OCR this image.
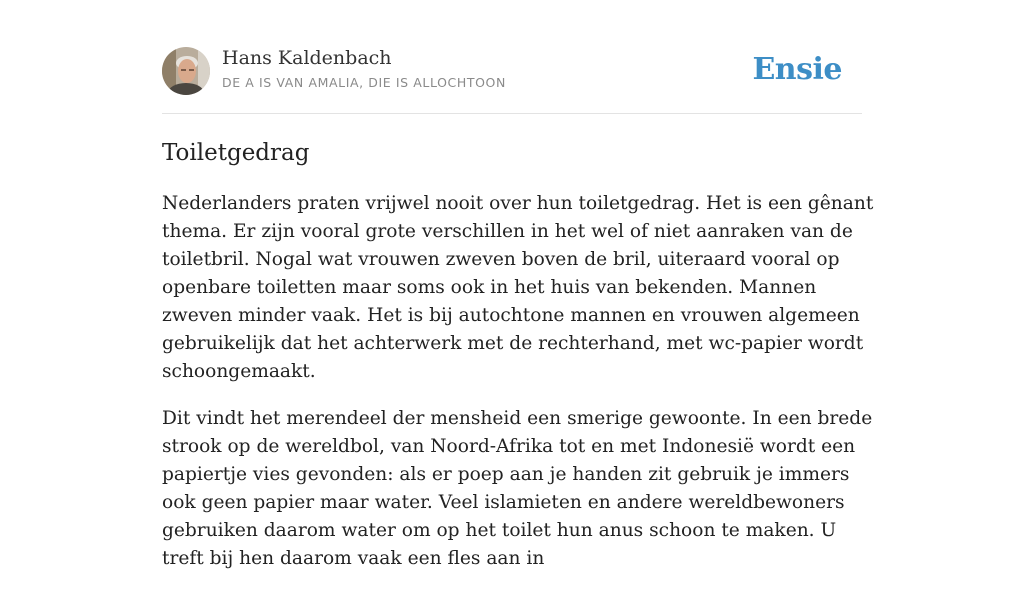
Hans Kaldenbach
DE A IS VAN AMALIA, DIE IS ALLOCHTOON	Ensie
Toiletgedrag

Nederlanders praten vrijwel nooit over hun toiletgedrag. Het is een gênant thema. Er zijn vooral grote verschillen in het wel of niet aanraken van de toiletbril. Nogal wat vrouwen zweven boven de bril, uiteraard vooral op openbare toiletten maar soms ook in het huis van bekenden. Mannen zweven minder vaak. Het is bij autochtone mannen en vrouwen algemeen gebruikelijk dat het achterwerk met de rechterhand, met wc-papier wordt schoongemaakt.

Dit vindt het merendeel der mensheid een smerige gewoonte. In een brede strook op de wereldbol, van Noord-Afrika tot en met Indonesië wordt een papiertje vies gevonden: als er poep aan je handen zit gebruik je immers ook geen papier maar water. Veel islamieten en andere wereldbewoners gebruiken daarom water om op het toilet hun anus schoon te maken. U treft bij hen daarom vaak een fles aan in
